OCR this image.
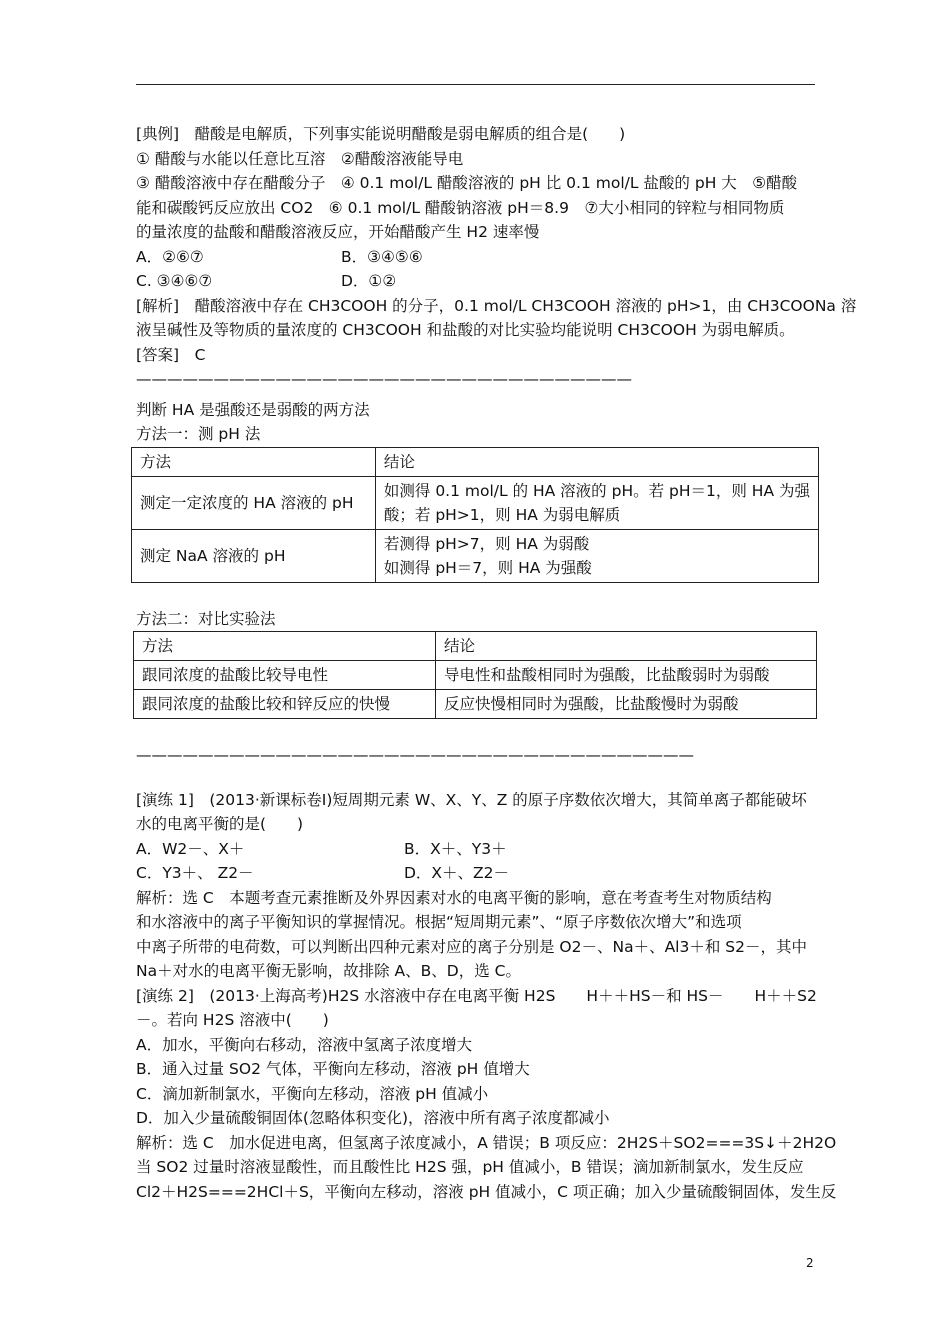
[典例]　醋酸是电解质，下列事实能说明醋酸是弱电解质的组合是(　　)

① 醋酸与水能以任意比互溶　②醋酸溶液能导电

③ 醋酸溶液中存在醋酸分子　④ 0.1 mol/L 醋酸溶液的 pH 比 0.1 mol/L 盐酸的 pH 大　⑤醋酸

能和碳酸钙反应放出 CO2　⑥ 0.1 mol/L 醋酸钠溶液 pH＝8.9　⑦大小相同的锌粒与相同物质

的量浓度的盐酸和醋酸溶液反应，开始醋酸产生 H2 速率慢

A．②⑥⑦	B．③④⑤⑥
C. ③④⑥⑦	D．①②

[解析]　醋酸溶液中存在 CH3COOH 的分子，0.1 mol/L CH3COOH 溶液的 pH>1，由 CH3COONa 溶

液呈碱性及等物质的量浓度的 CH3COOH 和盐酸的对比实验均能说明 CH3COOH 为弱电解质。

[答案]　C

————————————————————————————————

判断 HA 是强酸还是弱酸的两方法

方法一：测 pH 法

方法	结论
测定一定浓度的 HA 溶液的 pH	如测得 0.1 mol/L 的 HA 溶液的 pH。若 pH＝1，则 HA 为强
酸；若 pH>1，则 HA 为弱电解质

测定 NaA 溶液的 pH	若测得 pH>7，则 HA 为弱酸
如测得 pH＝7，则 HA 为强酸

方法二：对比实验法

方法	结论
跟同浓度的盐酸比较导电性	导电性和盐酸相同时为强酸，比盐酸弱时为弱酸
跟同浓度的盐酸比较和锌反应的快慢	反应快慢相同时为强酸，比盐酸慢时为弱酸

————————————————————————————————————

[演练 1]　(2013·新课标卷Ⅰ)短周期元素 W、X、Y、Z 的原子序数依次增大，其简单离子都能破坏

水的电离平衡的是(　　)

A．W2－、X＋	B．X＋、Y3＋
C．Y3＋、 Z2－	D．X＋、Z2－

解析：选 C　本题考查元素推断及外界因素对水的电离平衡的影响，意在考查考生对物质结构

和水溶液中的离子平衡知识的掌握情况。根据“短周期元素”、“原子序数依次增大”和选项

中离子所带的电荷数，可以判断出四种元素对应的离子分别是 O2－、Na＋、Al3＋和 S2－，其中

Na＋对水的电离平衡无影响，故排除 A、B、D，选 C。

[演练 2]　(2013·上海高考)H2S 水溶液中存在电离平衡 H2S　　H＋＋HS－和 HS－　　H＋＋S2

－。若向 H2S 溶液中(　　)

A．加水，平衡向右移动，溶液中氢离子浓度增大

B．通入过量 SO2 气体，平衡向左移动，溶液 pH 值增大

C．滴加新制氯水，平衡向左移动，溶液 pH 值减小

D．加入少量硫酸铜固体(忽略体积变化)，溶液中所有离子浓度都减小

解析：选 C　加水促进电离，但氢离子浓度减小，A 错误；B 项反应：2H2S＋SO2===3S↓＋2H2O

当 SO2 过量时溶液显酸性，而且酸性比 H2S 强，pH 值减小，B 错误；滴加新制氯水，发生反应

Cl2＋H2S===2HCl＋S，平衡向左移动，溶液 pH 值减小，C 项正确；加入少量硫酸铜固体，发生反

2
